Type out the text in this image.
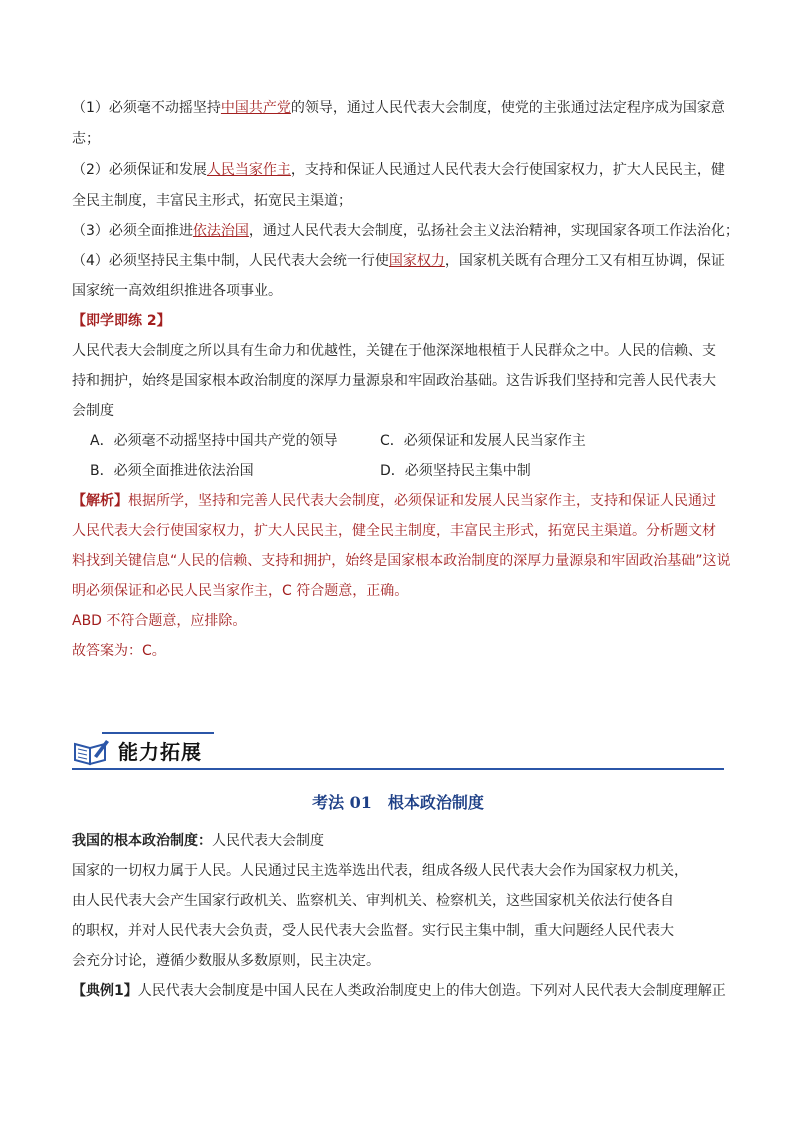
（1）必须毫不动摇坚持中国共产党的领导，通过人民代表大会制度，使党的主张通过法定程序成为国家意

志；

（2）必须保证和发展人民当家作主，支持和保证人民通过人民代表大会行使国家权力，扩大人民民主，健

全民主制度，丰富民主形式，拓宽民主渠道；

（3）必须全面推进依法治国，通过人民代表大会制度，弘扬社会主义法治精神，实现国家各项工作法治化；

（4）必须坚持民主集中制，人民代表大会统一行使国家权力，国家机关既有合理分工又有相互协调，保证

国家统一高效组织推进各项事业。

【即学即练 2】

人民代表大会制度之所以具有生命力和优越性，关键在于他深深地根植于人民群众之中。人民的信赖、支

持和拥护，始终是国家根本政治制度的深厚力量源泉和牢固政治基础。这告诉我们坚持和完善人民代表大

会制度

A．必须毫不动摇坚持中国共产党的领导	C．必须保证和发展人民当家作主
B．必须全面推进依法治国	D．必须坚持民主集中制

【解析】根据所学，坚持和完善人民代表大会制度，必须保证和发展人民当家作主，支持和保证人民通过

人民代表大会行使国家权力，扩大人民民主，健全民主制度，丰富民主形式，拓宽民主渠道。分析题文材

料找到关键信息“人民的信赖、支持和拥护，始终是国家根本政治制度的深厚力量源泉和牢固政治基础”这说

明必须保证和必民人民当家作主，C 符合题意，正确。

ABD 不符合题意，应排除。

故答案为：C。

能力拓展
考法 01　根本政治制度

我国的根本政治制度：人民代表大会制度

国家的一切权力属于人民。人民通过民主选举选出代表，组成各级人民代表大会作为国家权力机关，

由人民代表大会产生国家行政机关、监察机关、审判机关、检察机关，这些国家机关依法行使各自

的职权，并对人民代表大会负责，受人民代表大会监督。实行民主集中制，重大问题经人民代表大

会充分讨论，遵循少数服从多数原则，民主决定。

【典例1】人民代表大会制度是中国人民在人类政治制度史上的伟大创造。下列对人民代表大会制度理解正
